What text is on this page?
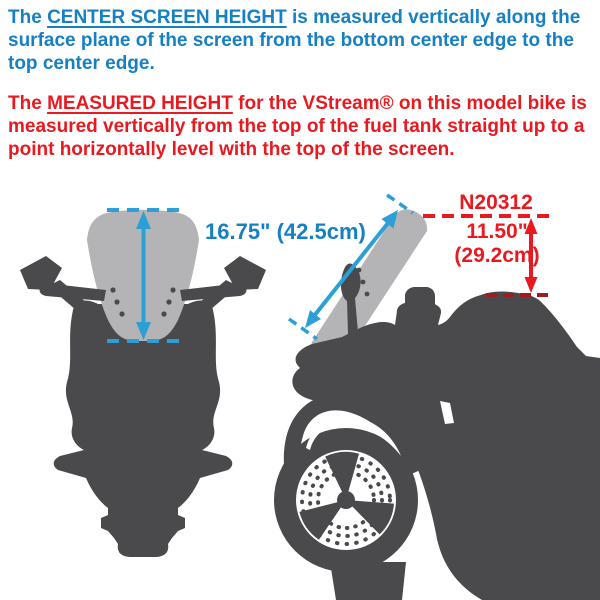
The CENTER SCREEN HEIGHT is measured vertically along the surface plane of the screen from the bottom center edge to the top center edge.
The MEASURED HEIGHT for the VStream® on this model bike is measured vertically from the top of the fuel tank straight up to a point horizontally level with the top of the screen.
16.75" (42.5cm)
N20312
11.50"
(29.2cm)
